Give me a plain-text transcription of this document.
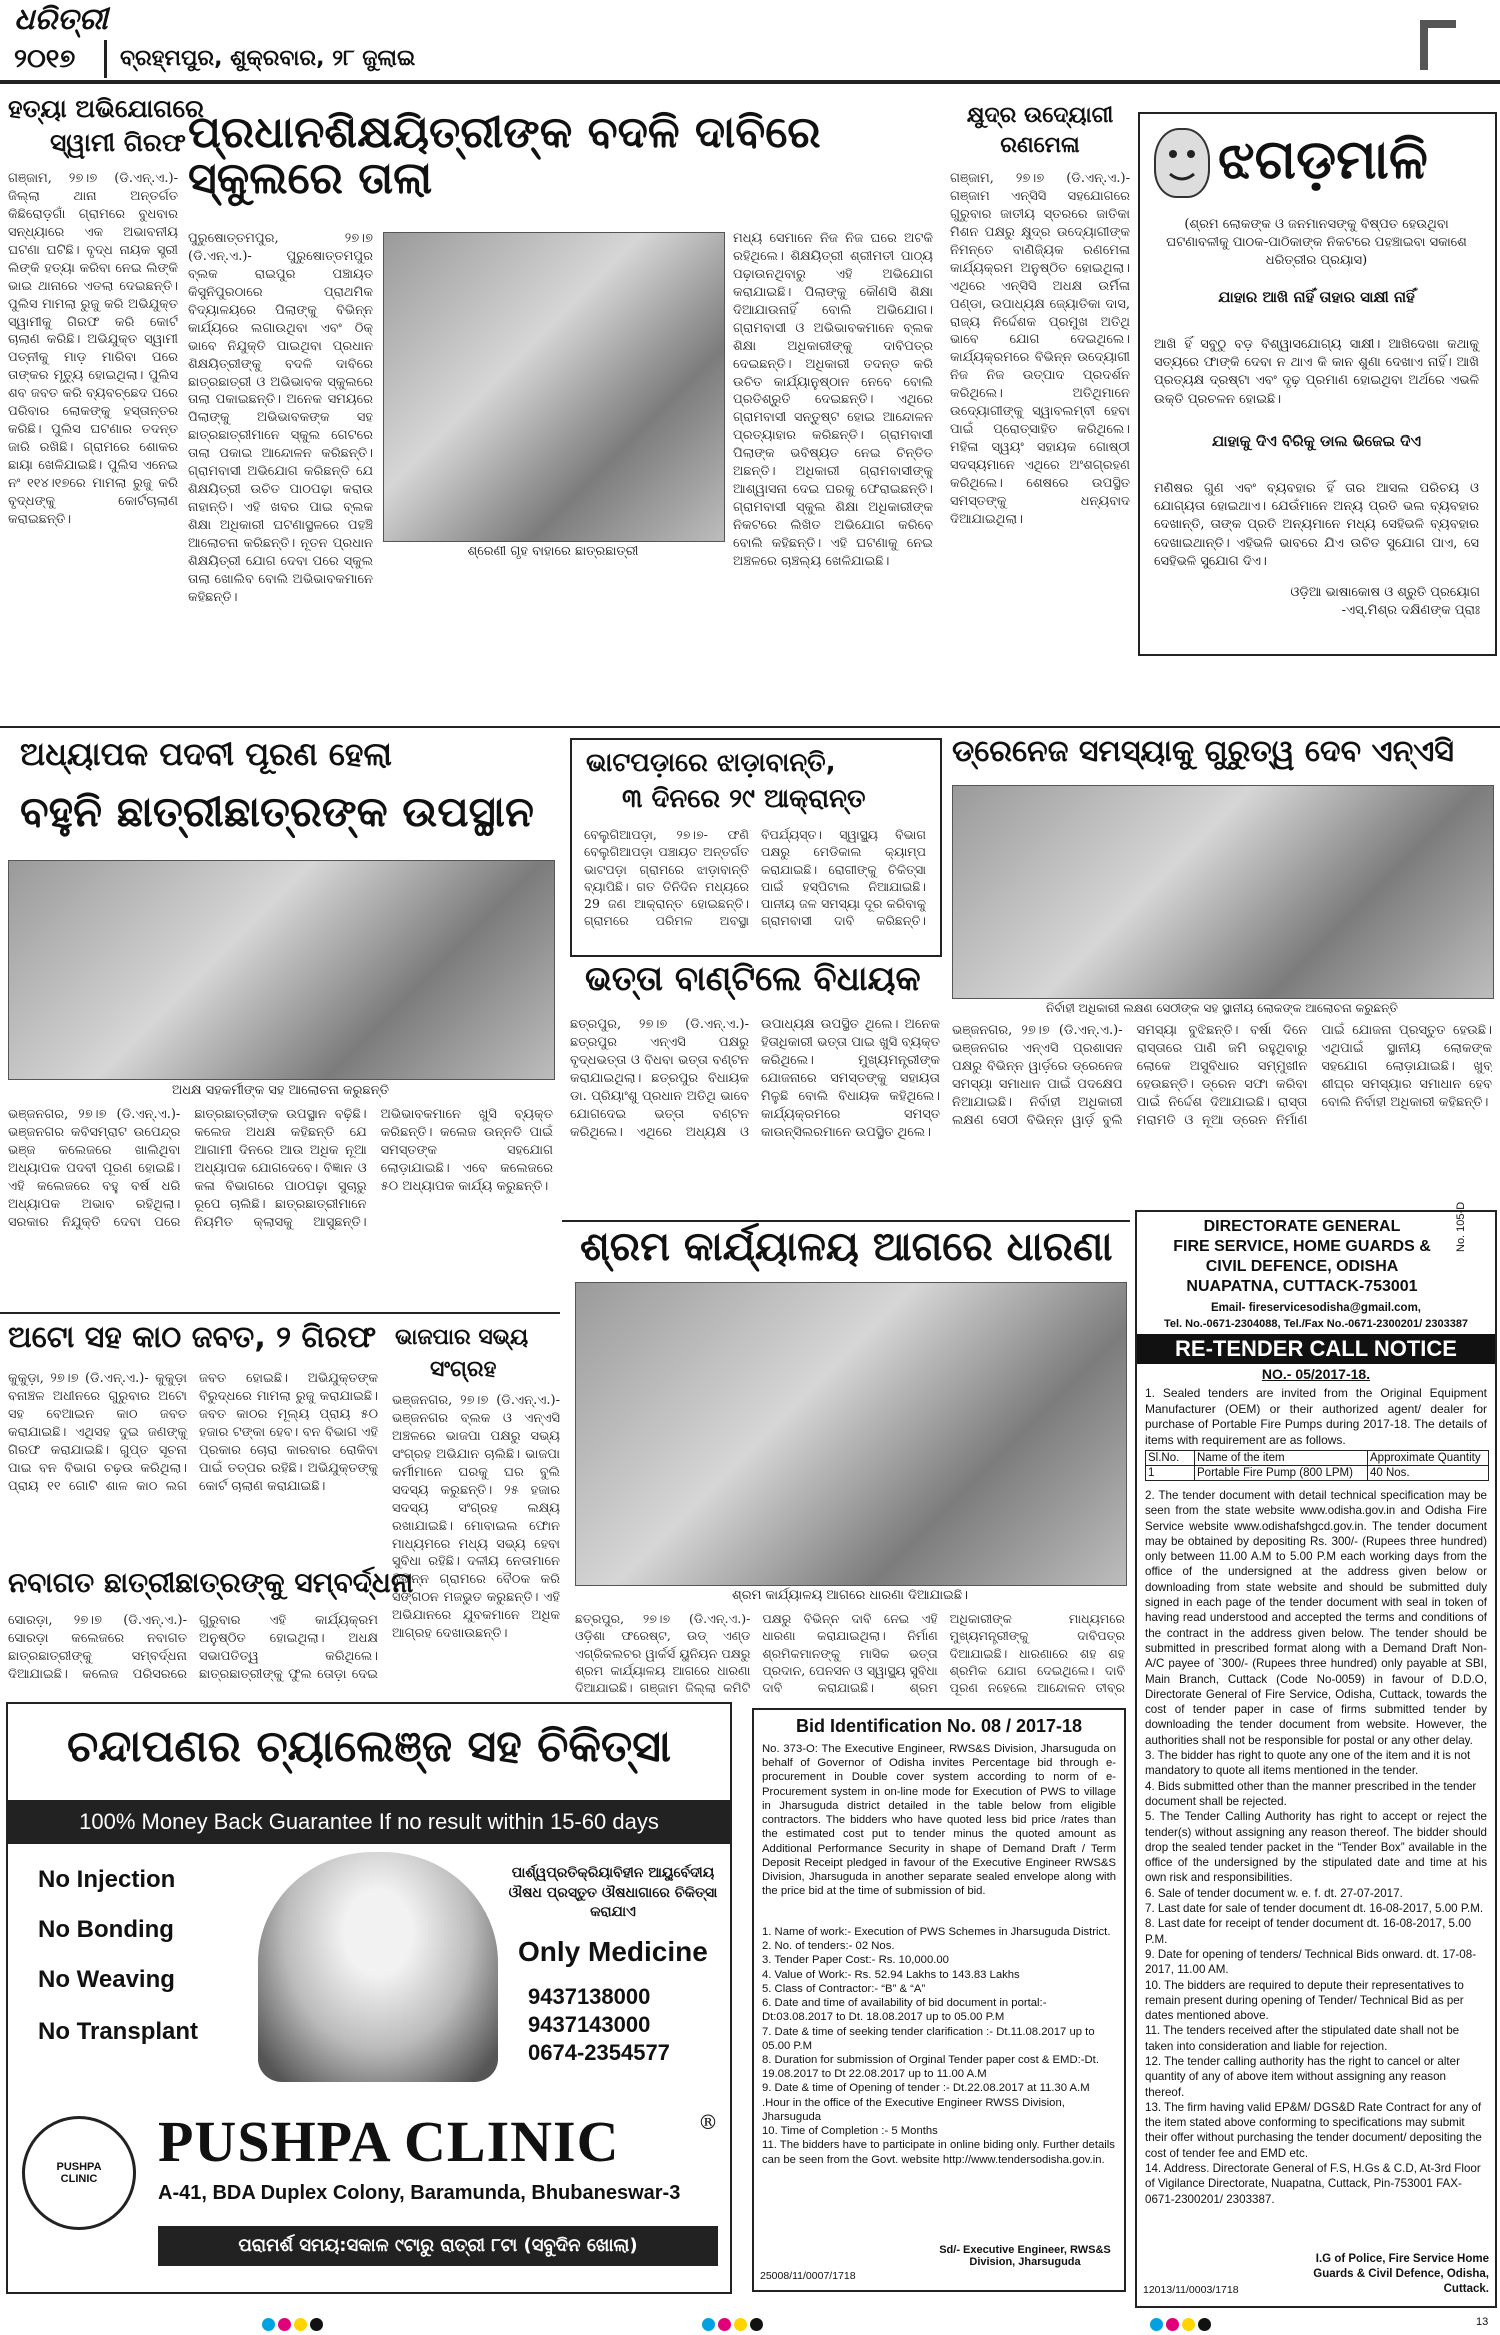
ଧରିତ୍ରୀ
୨୦୧୭ ବ୍ରହ୍ମପୁର, ଶୁକ୍ରବାର, ୨୮ ଜୁଲାଇ
ହତ୍ୟା ଅଭିଯୋଗରେ
ସ୍ୱାମୀ ଗିରଫ
ଗଞ୍ଜାମ, ୨୭।୭ (ଡି.ଏନ୍.ଏ.)- ଜିଲ୍ଲା ଥାନା ଅନ୍ତର୍ଗତ କିଛିରୋଡ଼ଗାଁ ଗ୍ରାମରେ ବୁଧବାର ସନ୍ଧ୍ୟାରେ ଏକ ଅଭାବନୀୟ ଘଟଣା ଘଟିଛି। ବୃଦ୍ଧ ନାୟକ ସ୍ତ୍ରୀ ଲିଙ୍କି ହତ୍ୟା କରିବା ନେଇ ଲିଙ୍କି ଭାଇ ଥାନାରେ ଏତଲା ଦେଇଛନ୍ତି। ପୁଲିସ ମାମଲା ରୁଜୁ କରି ଅଭିଯୁକ୍ତ ସ୍ୱାମୀକୁ ଗିରଫ କରି କୋର୍ଟ ଚାଲାଣ କରିଛି। ଅଭିଯୁକ୍ତ ସ୍ୱାମୀ ପତ୍ନୀକୁ ମାଡ଼ ମାରିବା ପରେ ତାଙ୍କର ମୃତ୍ୟୁ ହୋଇଥିଲା। ପୁଲିସ ଶବ ଜବତ କରି ବ୍ୟବଚ୍ଛେଦ ପରେ ପରିବାର ଲୋକଙ୍କୁ ହସ୍ତାନ୍ତର କରିଛି। ପୁଲିସ ଘଟଣାର ତଦନ୍ତ ଜାରି ରଖିଛି। ଗ୍ରାମରେ ଶୋକର ଛାୟା ଖେଳିଯାଇଛି। ପୁଲିସ ଏନେଇ ନଂ ୧୧୪।୧୭ରେ ମାମଲା ରୁଜୁ କରି ବୃଦ୍ଧଙ୍କୁ କୋର୍ଟଚାଲାଣ କରାଇଛନ୍ତି।
ପ୍ରଧାନଶିକ୍ଷୟିତ୍ରୀଙ୍କ ବଦଳି ଦାବିରେ ସ୍କୁଲରେ ତାଲା
ପୁରୁଷୋତ୍ତମପୁର, ୨୭।୭ (ଡି.ଏନ୍.ଏ.)- ପୁରୁଷୋତ୍ତମପୁର ବ୍ଲକ ରାଇପୁର ପଞ୍ଚାୟତ କିସୁନିପୁରଠାରେ ପ୍ରାଥମିକ ବିଦ୍ୟାଳୟରେ ପିଲାଙ୍କୁ ବିଭିନ୍ନ କାର୍ଯ୍ୟରେ ଲଗାଉଥିବା ଏବଂ ଠିକ୍ ଭାବେ ନିଯୁକ୍ତି ପାଇଥିବା ପ୍ରଧାନ ଶିକ୍ଷୟିତ୍ରୀଙ୍କୁ ବଦଳି ଦାବିରେ ଛାତ୍ରଛାତ୍ରୀ ଓ ଅଭିଭାବକ ସ୍କୁଲରେ ତାଲା ପକାଇଛନ୍ତି। ଅନେକ ସମୟରେ ପିଲାଙ୍କୁ ଅଭିଭାବକଙ୍କ ସହ ଛାତ୍ରଛାତ୍ରୀମାନେ ସ୍କୁଲ ଗେଟରେ ତାଲା ପକାଇ ଆନ୍ଦୋଳନ କରିଛନ୍ତି। ଗ୍ରାମବାସୀ ଅଭିଯୋଗ କରିଛନ୍ତି ଯେ ଶିକ୍ଷୟିତ୍ରୀ ଉଚିତ ପାଠପଢ଼ା କରାଉ ନାହାନ୍ତି। ଏହି ଖବର ପାଇ ବ୍ଲକ ଶିକ୍ଷା ଅଧିକାରୀ ଘଟଣାସ୍ଥଳରେ ପହଞ୍ଚି ଆଲୋଚନା କରିଛନ୍ତି। ନୂତନ ପ୍ରଧାନ ଶିକ୍ଷୟିତ୍ରୀ ଯୋଗ ଦେବା ପରେ ସ୍କୁଲ ତାଲା ଖୋଲିବ ବୋଲି ଅଭିଭାବକମାନେ କହିଛନ୍ତି।
ଶ୍ରେଣୀ ଗୃହ ବାହାରେ ଛାତ୍ରଛାତ୍ରୀ
ମଧ୍ୟ ସେମାନେ ନିଜ ନିଜ ଘରେ ଅଟକି ରହିଥିଲେ। ଶିକ୍ଷୟିତ୍ରୀ ଶ୍ରୀମତୀ ପାଠ୍ୟ ପଢ଼ାଉନଥିବାରୁ ଏହି ଅଭିଯୋଗ କରାଯାଇଛି। ପିଲାଙ୍କୁ କୌଣସି ଶିକ୍ଷା ଦିଆଯାଉନାହିଁ ବୋଲି ଅଭିଯୋଗ। ଗ୍ରାମବାସୀ ଓ ଅଭିଭାବକମାନେ ବ୍ଲକ ଶିକ୍ଷା ଅଧିକାରୀଙ୍କୁ ଦାବିପତ୍ର ଦେଇଛନ୍ତି। ଅଧିକାରୀ ତଦନ୍ତ କରି ଉଚିତ କାର୍ଯ୍ୟାନୁଷ୍ଠାନ ନେବେ ବୋଲି ପ୍ରତିଶ୍ରୁତି ଦେଇଛନ୍ତି। ଏଥିରେ ଗ୍ରାମବାସୀ ସନ୍ତୁଷ୍ଟ ହୋଇ ଆନ୍ଦୋଳନ ପ୍ରତ୍ୟାହାର କରିଛନ୍ତି। ଗ୍ରାମବାସୀ ପିଲାଙ୍କ ଭବିଷ୍ୟତ ନେଇ ଚିନ୍ତିତ ଅଛନ୍ତି। ଅଧିକାରୀ ଗ୍ରାମବାସୀଙ୍କୁ ଆଶ୍ୱାସନା ଦେଇ ଘରକୁ ଫେରାଇଛନ୍ତି। ଗ୍ରାମବାସୀ ସ୍କୁଲ ଶିକ୍ଷା ଅଧିକାରୀଙ୍କ ନିକଟରେ ଲିଖିତ ଅଭିଯୋଗ କରିବେ ବୋଲି କହିଛନ୍ତି। ଏହି ଘଟଣାକୁ ନେଇ ଅଞ୍ଚଳରେ ଚାଞ୍ଚଲ୍ୟ ଖେଳିଯାଇଛି।
କ୍ଷୁଦ୍ର ଉଦ୍ୟୋଗୀ
ରଣମେଳା
ଗଞ୍ଜାମ, ୨୭।୭ (ଡି.ଏନ୍.ଏ.)- ଗଞ୍ଜାମ ଏନ୍‌ସିସି ସହଯୋଗରେ ଗୁରୁବାର ଜାତୀୟ ସ୍ତରରେ ଜାତିକା ମିଶନ ପକ୍ଷରୁ କ୍ଷୁଦ୍ର ଉଦ୍ୟୋଗୀଙ୍କ ନିମନ୍ତେ ବାଣିଜ୍ୟିକ ରଣମେଳା କାର୍ଯ୍ୟକ୍ରମ ଅନୁଷ୍ଠିତ ହୋଇଥିଲା। ଏଥିରେ ଏନ୍‌ସିସି ଅଧକ୍ଷ ଉର୍ମିଳା ପଣ୍ଡା, ଉପାଧ୍ୟକ୍ଷ ଜ୍ୟୋତିକା ଦାସ, ରାଜ୍ୟ ନିର୍ଦ୍ଦେଶକ ପ୍ରମୁଖ ଅତିଥି ଭାବେ ଯୋଗ ଦେଇଥିଲେ। କାର୍ଯ୍ୟକ୍ରମରେ ବିଭିନ୍ନ ଉଦ୍ୟୋଗୀ ନିଜ ନିଜ ଉତ୍ପାଦ ପ୍ରଦର୍ଶନ କରିଥିଲେ। ଅତିଥିମାନେ ଉଦ୍ୟୋଗୀଙ୍କୁ ସ୍ୱାବଲମ୍ବୀ ହେବା ପାଇଁ ପ୍ରୋତ୍ସାହିତ କରିଥିଲେ। ମହିଳା ସ୍ୱୟଂ ସହାୟକ ଗୋଷ୍ଠୀ ସଦସ୍ୟମାନେ ଏଥିରେ ଅଂଶଗ୍ରହଣ କରିଥିଲେ। ଶେଷରେ ଉପସ୍ଥିତ ସମସ୍ତଙ୍କୁ ଧନ୍ୟବାଦ ଦିଆଯାଇଥିଲା।
ଝଗଡ଼ମାଳି
(ଶ୍ରମ ଲୋକଙ୍କ ଓ ଜନମାନସଙ୍କୁ ବିଷ୍ପତ ହେଉଥିବା ଘଟଣାବଳୀକୁ ପାଠକ-ପାଠିକାଙ୍କ ନିକଟରେ ପହଞ୍ଚାଇବା ସକାଶେ ଧରିତ୍ରୀର ପ୍ରୟାସ)
ଯାହାର ଆଖି ନାହିଁ ତାହାର ସାକ୍ଷୀ ନାହିଁ
ଆଖି ହିଁ ସବୁଠୁ ବଡ଼ ବିଶ୍ୱାସଯୋଗ୍ୟ ସାକ୍ଷୀ। ଆଖିଦେଖା କଥାକୁ ସତ୍ୟରେ ଫାଙ୍କି ଦେବା ନ ଥାଏ କି କାନ ଶୁଣା ଦେଖାଏ ନାହିଁ। ଆଖି ପ୍ରତ୍ୟକ୍ଷ ଦ୍ରଷ୍ଟା ଏବଂ ଦୃଢ଼ ପ୍ରମାଣ ହୋଇଥିବା ଅର୍ଥରେ ଏଭଳି ଉକ୍ତି ପ୍ରଚଳନ ହୋଇଛି।
ଯାହାକୁ ଦିଏ ବିରିକୁ ଡାଲ ଭିଜେଇ ଦିଏ
ମଣିଷର ଗୁଣ ଏବଂ ବ୍ୟବହାର ହିଁ ତାର ଆସଲ ପରିଚୟ ଓ ଯୋଗ୍ୟତା ହୋଇଥାଏ। ଯେଉଁମାନେ ଅନ୍ୟ ପ୍ରତି ଭଲ ବ୍ୟବହାର ଦେଖାନ୍ତି, ତାଙ୍କ ପ୍ରତି ଅନ୍ୟମାନେ ମଧ୍ୟ ସେହିଭଳି ବ୍ୟବହାର ଦେଖାଇଥାନ୍ତି। ଏହିଭଳି ଭାବରେ ଯିଏ ଉଚିତ ସୁଯୋଗ ପାଏ, ସେ ସେହିଭଳି ସୁଯୋଗ ଦିଏ।
ଓଡ଼ିଆ ଭାଷାକୋଷ ଓ ଶ୍ରୁତି ପ୍ରୟୋଗ
-ଏସ୍.ମିଶ୍ର ଦକ୍ଷିଣଙ୍କ ପ୍ରାଃ
ଅଧ୍ୟାପକ ପଦବୀ ପୂରଣ ହେଲା
ବହୁନି ଛାତ୍ରୀଛାତ୍ରଙ୍କ ଉପସ୍ଥାନ
ଅଧକ୍ଷ ସହକର୍ମୀଙ୍କ ସହ ଆଲୋଚନା କରୁଛନ୍ତି
ଭଞ୍ଜନଗର, ୨୭।୭ (ଡି.ଏନ୍.ଏ.)- ଭଞ୍ଜନଗର କବିସମ୍ରାଟ ଉପେନ୍ଦ୍ର ଭଞ୍ଜ କଲେଜରେ ଖାଲିଥିବା ଅଧ୍ୟାପକ ପଦବୀ ପୂରଣ ହୋଇଛି। ଏହି କଲେଜରେ ବହୁ ବର୍ଷ ଧରି ଅଧ୍ୟାପକ ଅଭାବ ରହିଥିଲା। ସରକାର ନିଯୁକ୍ତି ଦେବା ପରେ ଛାତ୍ରଛାତ୍ରୀଙ୍କ ଉପସ୍ଥାନ ବଢ଼ିଛି। କଲେଜ ଅଧକ୍ଷ କହିଛନ୍ତି ଯେ ଆଗାମୀ ଦିନରେ ଆଉ ଅଧିକ ନୂଆ ଅଧ୍ୟାପକ ଯୋଗଦେବେ। ବିଜ୍ଞାନ ଓ କଳା ବିଭାଗରେ ପାଠପଢ଼ା ସୁଚାରୁ ରୂପେ ଚାଲିଛି। ଛାତ୍ରଛାତ୍ରୀମାନେ ନିୟମିତ କ୍ଲାସକୁ ଆସୁଛନ୍ତି। ଅଭିଭାବକମାନେ ଖୁସି ବ୍ୟକ୍ତ କରିଛନ୍ତି। କଲେଜ ଉନ୍ନତି ପାଇଁ ସମସ୍ତଙ୍କ ସହଯୋଗ ଲୋଡ଼ାଯାଇଛି। ଏବେ କଲେଜରେ ୫୦ ଅଧ୍ୟାପକ କାର୍ଯ୍ୟ କରୁଛନ୍ତି।
ଭାଟପଡ଼ାରେ ଝାଡ଼ାବାନ୍ତି,
୩ ଦିନରେ ୨୯ ଆକ୍ରାନ୍ତ
ବେଲୁଗିଆପଡ଼ା, ୨୭।୭- ଫଣି ବେଲୁଗିଆପଡ଼ା ପଞ୍ଚାୟତ ଅନ୍ତର୍ଗତ ଭାଟପଡ଼ା ଗ୍ରାମରେ ଝାଡ଼ାବାନ୍ତି ବ୍ୟାପିଛି। ଗତ ତିନିଦିନ ମଧ୍ୟରେ 29 ଜଣ ଆକ୍ରାନ୍ତ ହୋଇଛନ୍ତି। ଗ୍ରାମରେ ପରିମଳ ଅବସ୍ଥା ବିପର୍ଯ୍ୟସ୍ତ। ସ୍ୱାସ୍ଥ୍ୟ ବିଭାଗ ପକ୍ଷରୁ ମେଡିକାଲ କ୍ୟାମ୍ପ କରାଯାଇଛି। ରୋଗୀଙ୍କୁ ଚିକିତ୍ସା ପାଇଁ ହସ୍ପିଟାଲ ନିଆଯାଇଛି। ପାନୀୟ ଜଳ ସମସ୍ୟା ଦୂର କରିବାକୁ ଗ୍ରାମବାସୀ ଦାବି କରିଛନ୍ତି।
ଡ୍ରେନେଜ ସମସ୍ୟାକୁ ଗୁରୁତ୍ୱ ଦେବ ଏନ୍‌ଏସି
ନିର୍ବାହୀ ଅଧିକାରୀ ଲକ୍ଷଣ ସେଠୀଙ୍କ ସହ ସ୍ଥାନୀୟ ଲୋକଙ୍କ ଆଲୋଚନା କରୁଛନ୍ତି
ଭଞ୍ଜନଗର, ୨୭।୭ (ଡି.ଏନ୍.ଏ.)- ଭଞ୍ଜନଗର ଏନ୍‌ଏସି ପ୍ରଶାସନ ପକ୍ଷରୁ ବିଭିନ୍ନ ୱାର୍ଡ଼ରେ ଡ୍ରେନେଜ ସମସ୍ୟା ସମାଧାନ ପାଇଁ ପଦକ୍ଷେପ ନିଆଯାଇଛି। ନିର୍ବାହୀ ଅଧିକାରୀ ଲକ୍ଷଣ ସେଠୀ ବିଭିନ୍ନ ୱାର୍ଡ଼ ବୁଲି ସମସ୍ୟା ବୁଝିଛନ୍ତି। ବର୍ଷା ଦିନେ ରାସ୍ତାରେ ପାଣି ଜମି ରହୁଥିବାରୁ ଲୋକେ ଅସୁବିଧାର ସମ୍ମୁଖୀନ ହେଉଛନ୍ତି। ଡ୍ରେନ ସଫା କରିବା ପାଇଁ ନିର୍ଦ୍ଦେଶ ଦିଆଯାଇଛି। ରାସ୍ତା ମରାମତି ଓ ନୂଆ ଡ୍ରେନ ନିର୍ମାଣ ପାଇଁ ଯୋଜନା ପ୍ରସ୍ତୁତ ହେଉଛି। ଏଥିପାଇଁ ସ୍ଥାନୀୟ ଲୋକଙ୍କ ସହଯୋଗ ଲୋଡ଼ାଯାଇଛି। ଖୁବ୍ ଶୀଘ୍ର ସମସ୍ୟାର ସମାଧାନ ହେବ ବୋଲି ନିର୍ବାହୀ ଅଧିକାରୀ କହିଛନ୍ତି।
ଭତ୍ତା ବାଣ୍ଟିଲେ ବିଧାୟକ
ଛତ୍ରପୁର, ୨୭।୭ (ଡି.ଏନ୍.ଏ.)- ଛତ୍ରପୁର ଏନ୍‌ଏସି ପକ୍ଷରୁ ବୃଦ୍ଧଭତ୍ତା ଓ ବିଧବା ଭତ୍ତା ବଣ୍ଟନ କରାଯାଇଥିଲା। ଛତ୍ରପୁର ବିଧାୟକ ଡା. ପ୍ରିୟାଂଶୁ ପ୍ରଧାନ ଅତିଥି ଭାବେ ଯୋଗଦେଇ ଭତ୍ତା ବଣ୍ଟନ କରିଥିଲେ। ଏଥିରେ ଅଧ୍ୟକ୍ଷ ଓ ଉପାଧ୍ୟକ୍ଷ ଉପସ୍ଥିତ ଥିଲେ। ଅନେକ ହିତାଧିକାରୀ ଭତ୍ତା ପାଇ ଖୁସି ବ୍ୟକ୍ତ କରିଥିଲେ। ମୁଖ୍ୟମନ୍ତ୍ରୀଙ୍କ ଯୋଜନାରେ ସମସ୍ତଙ୍କୁ ସହାୟତା ମିଳୁଛି ବୋଲି ବିଧାୟକ କହିଥିଲେ। କାର୍ଯ୍ୟକ୍ରମରେ ସମସ୍ତ କାଉନ୍‌ସିଲରମାନେ ଉପସ୍ଥିତ ଥିଲେ।
ଅଟୋ ସହ କାଠ ଜବତ, ୨ ଗିରଫ
କୁକୁଡ଼ା, ୨୭।୭ (ଡି.ଏନ୍.ଏ.)- କୁକୁଡ଼ା ବନାଞ୍ଚଳ ଅଧୀନରେ ଗୁରୁବାର ଅଟୋ ସହ ବେଆଇନ କାଠ ଜବତ କରାଯାଇଛି। ଏଥିସହ ଦୁଇ ଜଣଙ୍କୁ ଗିରଫ କରାଯାଇଛି। ଗୁପ୍ତ ସୂଚନା ପାଇ ବନ ବିଭାଗ ଚଢ଼ଉ କରିଥିଲା। ପ୍ରାୟ ୧୧ ଗୋଟି ଶାଳ କାଠ ଲଗ ଜବତ ହୋଇଛି। ଅଭିଯୁକ୍ତଙ୍କ ବିରୁଦ୍ଧରେ ମାମଲା ରୁଜୁ କରାଯାଇଛି। ଜବତ କାଠର ମୂଲ୍ୟ ପ୍ରାୟ ୫୦ ହଜାର ଟଙ୍କା ହେବ। ବନ ବିଭାଗ ଏହି ପ୍ରକାର ଚୋରା କାରବାର ରୋକିବା ପାଇଁ ତତ୍ପର ରହିଛି। ଅଭିଯୁକ୍ତଙ୍କୁ କୋର୍ଟ ଚାଲାଣ କରାଯାଇଛି।
ଭାଜପାର ସଭ୍ୟ
ସଂଗ୍ରହ
ଭଞ୍ଜନଗର, ୨୭।୭ (ଡି.ଏନ୍.ଏ.)- ଭଞ୍ଜନଗର ବ୍ଲକ ଓ ଏନ୍‌ଏସି ଅଞ୍ଚଳରେ ଭାଜପା ପକ୍ଷରୁ ସଭ୍ୟ ସଂଗ୍ରହ ଅଭିଯାନ ଚାଲିଛି। ଭାଜପା କର୍ମୀମାନେ ଘରକୁ ଘର ବୁଲି ସଦସ୍ୟ କରୁଛନ୍ତି। ୨୫ ହଜାର ସଦସ୍ୟ ସଂଗ୍ରହ ଲକ୍ଷ୍ୟ ରଖାଯାଇଛି। ମୋବାଇଲ ଫୋନ ମାଧ୍ୟମରେ ମଧ୍ୟ ସଭ୍ୟ ହେବା ସୁବିଧା ରହିଛି। ଦଳୀୟ ନେତାମାନେ ବିଭିନ୍ନ ଗ୍ରାମରେ ବୈଠକ କରି ସଙ୍ଗଠନ ମଜଭୁତ କରୁଛନ୍ତି। ଏହି ଅଭିଯାନରେ ଯୁବକମାନେ ଅଧିକ ଆଗ୍ରହ ଦେଖାଉଛନ୍ତି।
ନବାଗତ ଛାତ୍ରୀଛାତ୍ରଙ୍କୁ ସମ୍ବର୍ଦ୍ଧନା
ସୋରଡ଼ା, ୨୭।୭ (ଡି.ଏନ୍.ଏ.)- ସୋରଡ଼ା କଲେଜରେ ନବାଗତ ଛାତ୍ରଛାତ୍ରୀଙ୍କୁ ସମ୍ବର୍ଦ୍ଧନା ଦିଆଯାଇଛି। କଲେଜ ପରିସରରେ ଗୁରୁବାର ଏହି କାର୍ଯ୍ୟକ୍ରମ ଅନୁଷ୍ଠିତ ହୋଇଥିଲା। ଅଧକ୍ଷ ସଭାପତିତ୍ୱ କରିଥିଲେ। ଛାତ୍ରଛାତ୍ରୀଙ୍କୁ ଫୁଲ ତୋଡ଼ା ଦେଇ
ଶ୍ରମ କାର୍ଯ୍ୟାଳୟ ଆଗରେ ଧାରଣା
ଶ୍ରମ କାର୍ଯ୍ୟାଳୟ ଆଗରେ ଧାରଣା ଦିଆଯାଇଛି।
ଛତ୍ରପୁର, ୨୭।୭ (ଡି.ଏନ୍.ଏ.)- ଓଡ଼ିଶା ଫରେଷ୍ଟ, ଉଡ୍ ଏଣ୍ଡ ଏଗ୍ରିକଲଚର ୱାର୍କର୍ସ ୟୁନିୟନ ପକ୍ଷରୁ ଶ୍ରମ କାର୍ଯ୍ୟାଳୟ ଆଗରେ ଧାରଣା ଦିଆଯାଇଛି। ଗଞ୍ଜାମ ଜିଲ୍ଲା କମିଟି ପକ୍ଷରୁ ବିଭିନ୍ନ ଦାବି ନେଇ ଏହି ଧାରଣା କରାଯାଇଥିଲା। ନିର୍ମାଣ ଶ୍ରମିକମାନଙ୍କୁ ମାସିକ ଭତ୍ତା ପ୍ରଦାନ, ପେନସନ ଓ ସ୍ୱାସ୍ଥ୍ୟ ସୁବିଧା ଦାବି କରାଯାଇଛି। ଶ୍ରମ ଅଧିକାରୀଙ୍କ ମାଧ୍ୟମରେ ମୁଖ୍ୟମନ୍ତ୍ରୀଙ୍କୁ ଦାବିପତ୍ର ଦିଆଯାଇଛି। ଧାରଣାରେ ଶହ ଶହ ଶ୍ରମିକ ଯୋଗ ଦେଇଥିଲେ। ଦାବି ପୂରଣ ନହେଲେ ଆନ୍ଦୋଳନ ତୀବ୍ର
DIRECTORATE GENERAL
FIRE SERVICE, HOME GUARDS &
CIVIL DEFENCE, ODISHA
NUAPATNA, CUTTACK-753001
No. 105-D
Email- fireservicesodisha@gmail.com,
Tel. No.-0671-2304088, Tel./Fax No.-0671-2300201/ 2303387
RE-TENDER CALL NOTICE
NO.- 05/2017-18.
1. Sealed tenders are invited from the Original Equipment Manufacturer (OEM) or their authorized agent/ dealer for purchase of Portable Fire Pumps during 2017-18. The details of items with requirement are as follows.
Sl.No.	Name of the item	Approximate Quantity
1	Portable Fire Pump (800 LPM)	40 Nos.

2. The tender document with detail technical specification may be seen from the state website www.odisha.gov.in and Odisha Fire Service website www.odishafshgcd.gov.in. The tender document may be obtained by depositing Rs. 300/- (Rupees three hundred) only between 11.00 A.M to 5.00 P.M each working days from the office of the undersigned at the address given below or downloading from state website and should be submitted duly signed in each page of the tender document with seal in token of having read understood and accepted the terms and conditions of the contract in the address given below. The tender should be submitted in prescribed format along with a Demand Draft Non-A/C payee of `300/- (Rupees three hundred) only payable at SBI, Main Branch, Cuttack (Code No-0059) in favour of D.D.O, Directorate General of Fire Service, Odisha, Cuttack, towards the cost of tender paper in case of firms submitted tender by downloading the tender document from website. However, the authorities shall not be responsible for postal or any other delay.

3. The bidder has right to quote any one of the item and it is not mandatory to quote all items mentioned in the tender.

4. Bids submitted other than the manner prescribed in the tender document shall be rejected.

5. The Tender Calling Authority has right to accept or reject the tender(s) without assigning any reason thereof. The bidder should drop the sealed tender packet in the “Tender Box” available in the office of the undersigned by the stipulated date and time at his own risk and responsibilities.

6. Sale of tender document w. e. f. dt. 27-07-2017.

7. Last date for sale of tender document dt. 16-08-2017, 5.00 P.M.

8. Last date for receipt of tender document dt. 16-08-2017, 5.00 P.M.

9. Date for opening of tenders/ Technical Bids onward. dt. 17-08-2017, 11.00 AM.

10. The bidders are required to depute their representatives to remain present during opening of Tender/ Technical Bid as per dates mentioned above.

11. The tenders received after the stipulated date shall not be taken into consideration and liable for rejection.

12. The tender calling authority has the right to cancel or alter quantity of any of above item without assigning any reason thereof.

13. The firm having valid EP&M/ DGS&D Rate Contract for any of the item stated above conforming to specifications may submit their offer without purchasing the tender document/ depositing the cost of tender fee and EMD etc.

14. Address. Directorate General of F.S, H.Gs & C.D, At-3rd Floor of Vigilance Directorate, Nuapatna, Cuttack, Pin-753001 FAX-0671-2300201/ 2303387.

I.G of Police, Fire Service Home Guards & Civil Defence, Odisha, Cuttack.
12013/11/0003/1718
ଚନ୍ଦାପଣର ଚ୍ୟାଲେଞ୍ଜ ସହ ଚିକିତ୍ସା
100% Money Back Guarantee If no result within 15-60 days
No Injection
No Bonding
No Weaving
No Transplant
ପାର୍ଶ୍ୱପ୍ରତିକ୍ରିୟାବିହୀନ ଆୟୁର୍ବେଦୀୟ ଔଷଧ ପ୍ରସ୍ତୁତ ଔଷଧାଗାରେ ଚିକିତ୍ସା କରାଯାଏ
Only Medicine
9437138000
9437143000
0674-2354577
PUSHPA CLINIC
PUSHPA CLINIC	®
A-41, BDA Duplex Colony, Baramunda, Bhubaneswar-3
ପରାମର୍ଶ ସମୟ:ସକାଳ ୯ଟାରୁ ରାତ୍ରୀ ୮ଟା (ସବୁଦିନ ଖୋଲା)
Bid Identification No. 08 / 2017-18
No. 373-O: The Executive Engineer, RWS&S Division, Jharsuguda on behalf of Governor of Odisha invites Percentage bid through e- procurement in Double cover system according to norm of e-Procurement system in on-line mode for Execution of PWS to village in Jharsuguda district detailed in the table below from eligible contractors. The bidders who have quoted less bid price /rates than the estimated cost put to tender minus the quoted amount as Additional Performance Security in shape of Demand Draft / Term Deposit Receipt pledged in favour of the Executive Engineer RWS&S Division, Jharsuguda in another separate sealed envelope along with the price bid at the time of submission of bid.

1. Name of work:- Execution of PWS Schemes in Jharsuguda District.

2. No. of tenders:- 02 Nos.

3. Tender Paper Cost:- Rs. 10,000.00

4. Value of Work:- Rs. 52.94 Lakhs to 143.83 Lakhs

5. Class of Contractor:- “B” & “A”

6. Date and time of availability of bid document in portal:- Dt:03.08.2017 to Dt. 18.08.2017 up to 05.00 P.M

7. Date & time of seeking tender clarification :- Dt.11.08.2017 up to 05.00 P.M

8. Duration for submission of Orginal Tender paper cost & EMD:-Dt. 19.08.2017 to Dt 22.08.2017 up to 11.00 A.M

9. Date & time of Opening of tender :- Dt.22.08.2017 at 11.30 A.M .Hour in the office of the Executive Engineer RWSS Division, Jharsuguda

10. Time of Completion :- 5 Months

11. The bidders have to participate in online biding only. Further details can be seen from the Govt. website http://www.tendersodisha.gov.in.

Sd/- Executive Engineer, RWS&S Division, Jharsuguda
25008/11/0007/1718
13
